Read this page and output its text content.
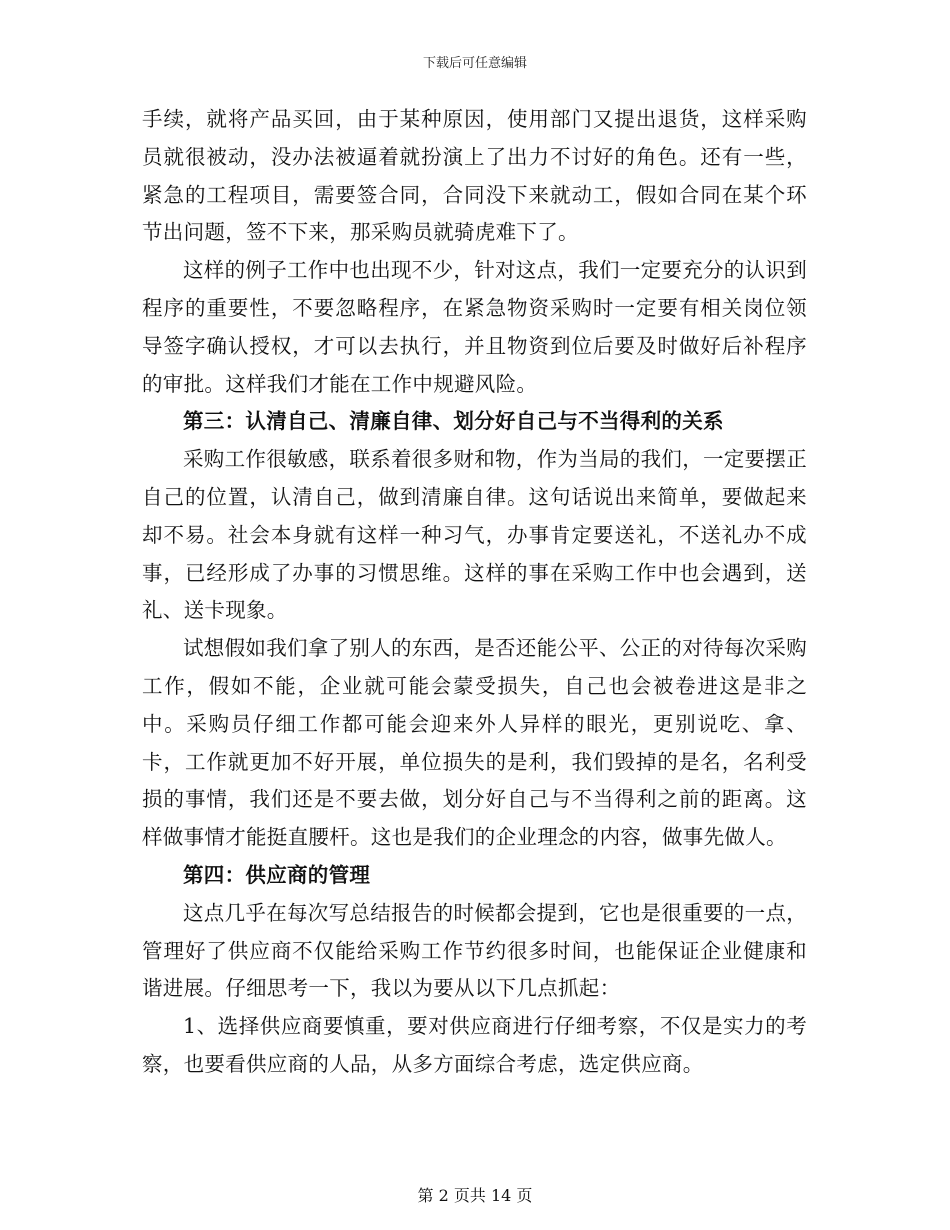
下载后可任意编辑

手续，就将产品买回，由于某种原因，使用部门又提出退货，这样采购员就很被动，没办法被逼着就扮演上了出力不讨好的角色。还有一些，紧急的工程项目，需要签合同，合同没下来就动工，假如合同在某个环节出问题，签不下来，那采购员就骑虎难下了。

这样的例子工作中也出现不少，针对这点，我们一定要充分的认识到程序的重要性，不要忽略程序，在紧急物资采购时一定要有相关岗位领导签字确认授权，才可以去执行，并且物资到位后要及时做好后补程序的审批。这样我们才能在工作中规避风险。

第三：认清自己、清廉自律、划分好自己与不当得利的关系

采购工作很敏感，联系着很多财和物，作为当局的我们，一定要摆正自己的位置，认清自己，做到清廉自律。这句话说出来简单，要做起来却不易。社会本身就有这样一种习气，办事肯定要送礼，不送礼办不成事，已经形成了办事的习惯思维。这样的事在采购工作中也会遇到，送礼、送卡现象。

试想假如我们拿了别人的东西，是否还能公平、公正的对待每次采购工作，假如不能，企业就可能会蒙受损失，自己也会被卷进这是非之中。采购员仔细工作都可能会迎来外人异样的眼光，更别说吃、拿、卡，工作就更加不好开展，单位损失的是利，我们毁掉的是名，名利受损的事情，我们还是不要去做，划分好自己与不当得利之前的距离。这样做事情才能挺直腰杆。这也是我们的企业理念的内容，做事先做人。

第四：供应商的管理

这点几乎在每次写总结报告的时候都会提到，它也是很重要的一点，管理好了供应商不仅能给采购工作节约很多时间，也能保证企业健康和谐进展。仔细思考一下，我以为要从以下几点抓起：

1、选择供应商要慎重，要对供应商进行仔细考察，不仅是实力的考察，也要看供应商的人品，从多方面综合考虑，选定供应商。

第 2 页共 14 页
